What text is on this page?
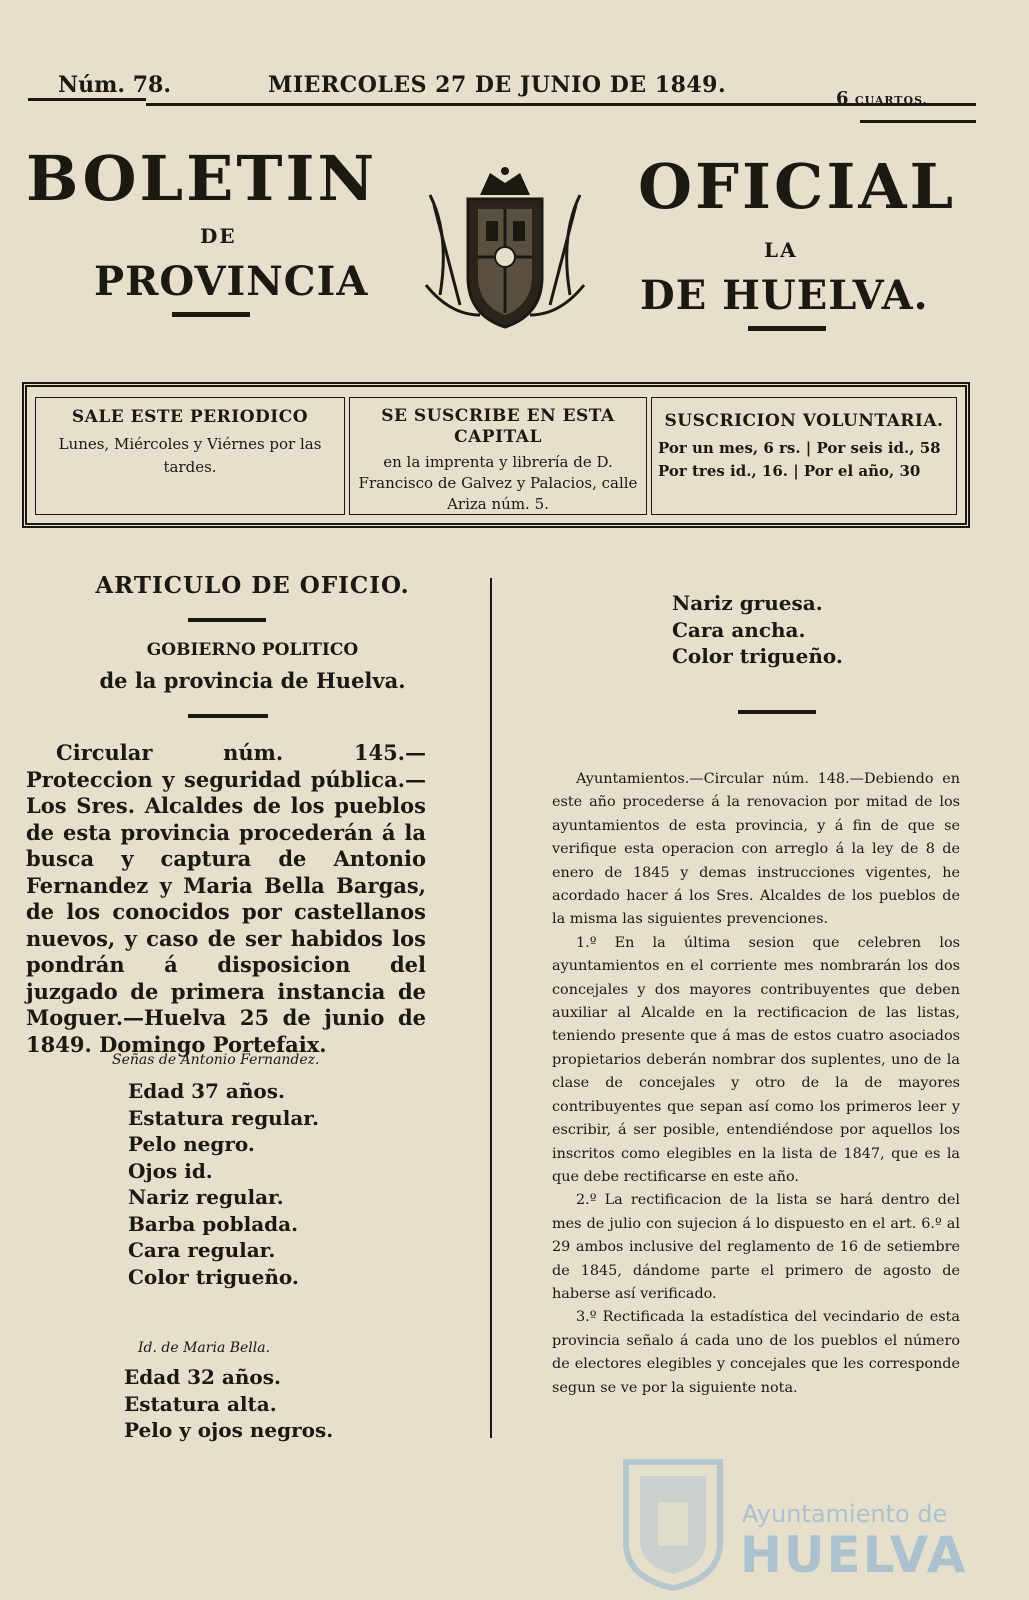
Núm. 78.	MIERCOLES 27 DE JUNIO DE 1849.
6 CUARTOS.
BOLETIN
DE
PROVINCIA
OFICIAL
LA
DE HUELVA.
SALE ESTE PERIODICO
Lunes, Miércoles y Viérnes por las tardes.
SE SUSCRIBE EN ESTA CAPITAL
en la imprenta y librería de D. Francisco de Galvez y Palacios, calle Ariza núm. 5.
SUSCRICION VOLUNTARIA.
Por un mes, 6 rs. | Por seis id., 58
Por tres id., 16. | Por el año, 30
ARTICULO DE OFICIO.
GOBIERNO POLITICO
de la provincia de Huelva.
Circular núm. 145.—Proteccion y seguridad pública.—Los Sres. Alcaldes de los pueblos de esta provincia procederán á la busca y captura de Antonio Fernandez y Maria Bella Bargas, de los conocidos por castellanos nuevos, y caso de ser habidos los pondrán á disposicion del juzgado de primera instancia de Moguer.—Huelva 25 de junio de 1849. Domingo Portefaix.
Señas de Antonio Fernandez.
Edad 37 años.
Estatura regular.
Pelo negro.
Ojos id.
Nariz regular.
Barba poblada.
Cara regular.
Color trigueño.
Id. de Maria Bella.
Edad 32 años.
Estatura alta.
Pelo y ojos negros.
Nariz gruesa.
Cara ancha.
Color trigueño.

Ayuntamientos.—Circular núm. 148.—Debiendo en este año procederse á la renovacion por mitad de los ayuntamientos de esta provincia, y á fin de que se verifique esta operacion con arreglo á la ley de 8 de enero de 1845 y demas instrucciones vigentes, he acordado hacer á los Sres. Alcaldes de los pueblos de la misma las siguientes prevenciones.

1.º En la última sesion que celebren los ayuntamientos en el corriente mes nombrarán los dos concejales y dos mayores contribuyentes que deben auxiliar al Alcalde en la rectificacion de las listas, teniendo presente que á mas de estos cuatro asociados propietarios deberán nombrar dos suplentes, uno de la clase de concejales y otro de la de mayores contribuyentes que sepan así como los primeros leer y escribir, á ser posible, entendiéndose por aquellos los inscritos como elegibles en la lista de 1847, que es la que debe rectificarse en este año.

2.º La rectificacion de la lista se hará dentro del mes de julio con sujecion á lo dispuesto en el art. 6.º al 29 ambos inclusive del reglamento de 16 de setiembre de 1845, dándome parte el primero de agosto de haberse así verificado.

3.º Rectificada la estadística del vecindario de esta provincia señalo á cada uno de los pueblos el número de electores elegibles y concejales que les corresponde segun se ve por la siguiente nota.

Ayuntamiento de
HUELVA
